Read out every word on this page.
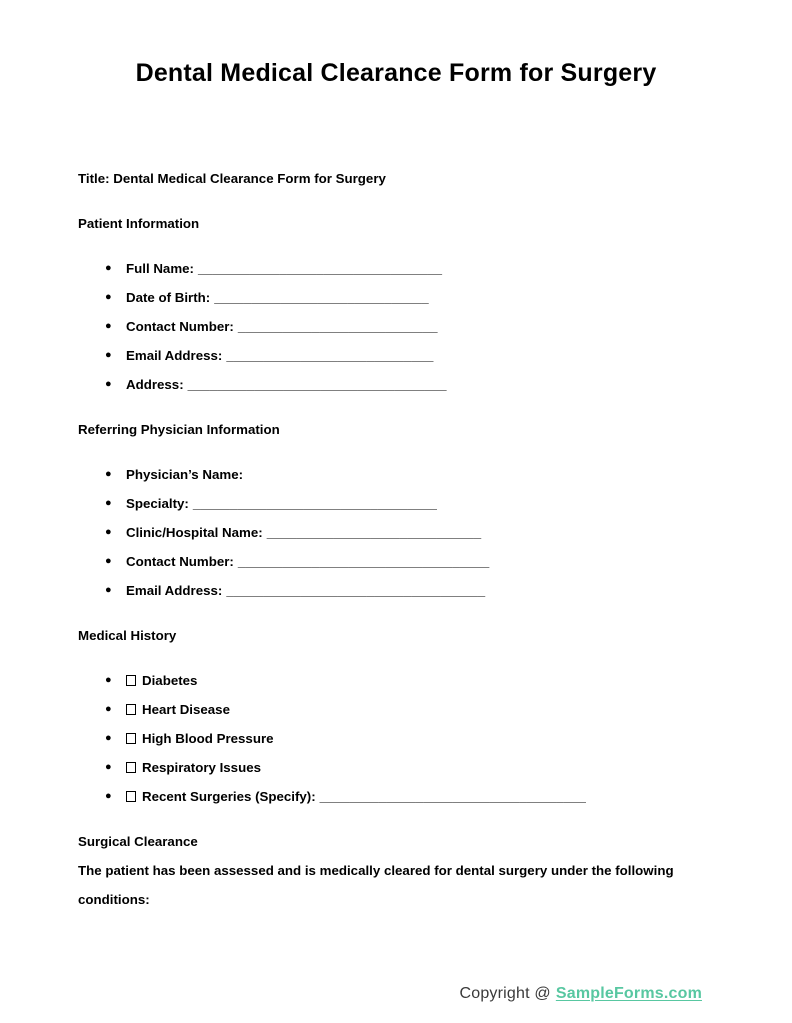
Dental Medical Clearance Form for Surgery

Title: Dental Medical Clearance Form for Surgery

Patient Information

● Full Name: _________________________________
● Date of Birth: _____________________________
● Contact Number: ___________________________
● Email Address: ____________________________
● Address: ___________________________________

Referring Physician Information

● Physician’s Name:
● Specialty: _________________________________
● Clinic/Hospital Name: _____________________________
● Contact Number: __________________________________
● Email Address: ___________________________________

Medical History

● Diabetes
● Heart Disease
● High Blood Pressure
● Respiratory Issues
● Recent Surgeries (Specify): ____________________________________

Surgical Clearance

The patient has been assessed and is medically cleared for dental surgery under the following conditions:

Copyright @ SampleForms.com
